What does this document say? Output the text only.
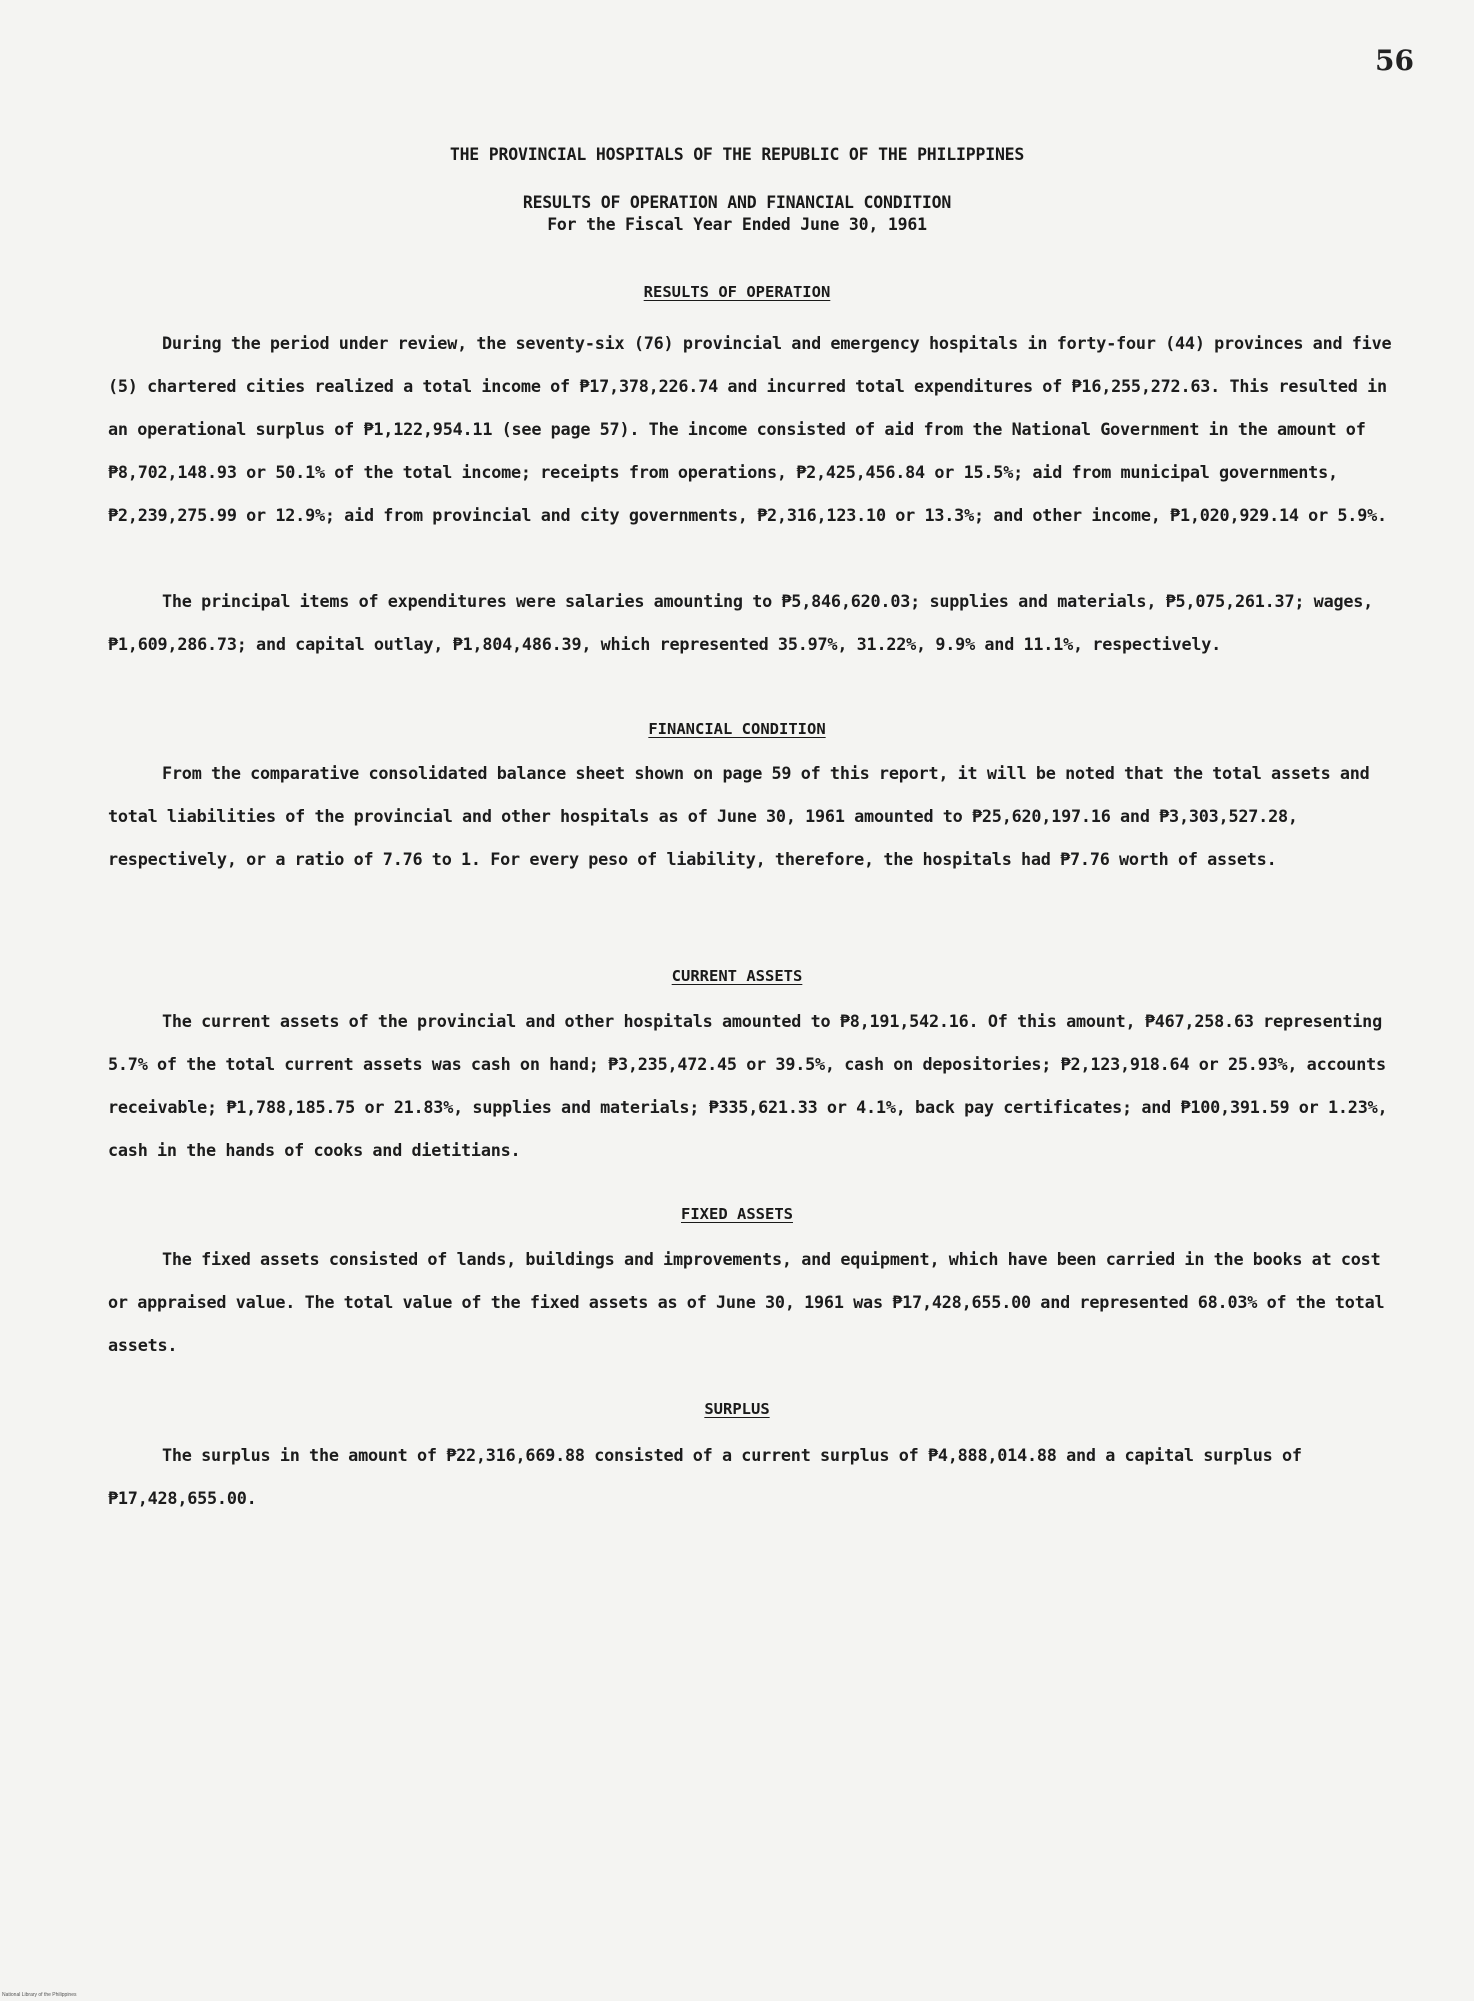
56
THE PROVINCIAL HOSPITALS OF THE REPUBLIC OF THE PHILIPPINES
RESULTS OF OPERATION AND FINANCIAL CONDITION
For the Fiscal Year Ended June 30, 1961
RESULTS OF OPERATION

During the period under review, the seventy-six (76) provincial and emergency hospitals in forty-four (44) provinces and five (5) chartered cities realized a total income of ₱17,378,226.74 and incurred total expenditures of ₱16,255,272.63. This resulted in an operational surplus of ₱1,122,954.11 (see page 57). The income consisted of aid from the National Government in the amount of ₱8,702,148.93 or 50.1% of the total income; receipts from operations, ₱2,425,456.84 or 15.5%; aid from municipal governments, ₱2,239,275.99 or 12.9%; aid from provincial and city governments, ₱2,316,123.10 or 13.3%; and other income, ₱1,020,929.14 or 5.9%.

The principal items of expenditures were salaries amounting to ₱5,846,620.03; supplies and materials, ₱5,075,261.37; wages, ₱1,609,286.73; and capital outlay, ₱1,804,486.39, which represented 35.97%, 31.22%, 9.9% and 11.1%, respectively.

FINANCIAL CONDITION

From the comparative consolidated balance sheet shown on page 59 of this report, it will be noted that the total assets and total liabilities of the provincial and other hospitals as of June 30, 1961 amounted to ₱25,620,197.16 and ₱3,303,527.28, respectively, or a ratio of 7.76 to 1. For every peso of liability, therefore, the hospitals had ₱7.76 worth of assets.

CURRENT ASSETS

The current assets of the provincial and other hospitals amounted to ₱8,191,542.16. Of this amount, ₱467,258.63 representing 5.7% of the total current assets was cash on hand; ₱3,235,472.45 or 39.5%, cash on depositories; ₱2,123,918.64 or 25.93%, accounts receivable; ₱1,788,185.75 or 21.83%, supplies and materials; ₱335,621.33 or 4.1%, back pay certificates; and ₱100,391.59 or 1.23%, cash in the hands of cooks and dietitians.

FIXED ASSETS

The fixed assets consisted of lands, buildings and improvements, and equipment, which have been carried in the books at cost or appraised value. The total value of the fixed assets as of June 30, 1961 was ₱17,428,655.00 and represented 68.03% of the total assets.

SURPLUS

The surplus in the amount of ₱22,316,669.88 consisted of a current surplus of ₱4,888,014.88 and a capital surplus of ₱17,428,655.00.

National Library of the Philippines
